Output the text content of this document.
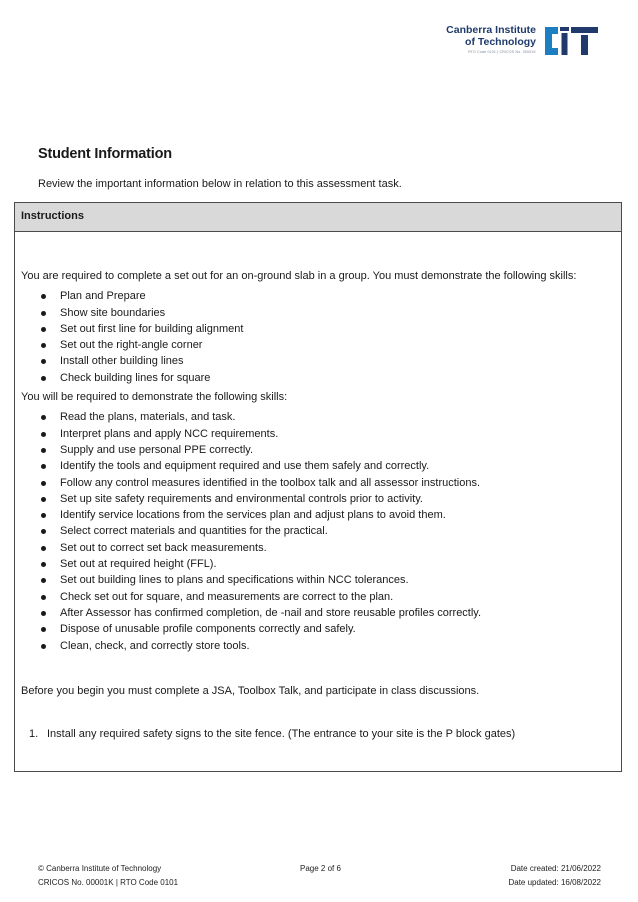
Canberra Institute
of Technology
RTO Code 0101 | CRICOS No. 00001K
Student Information
Review the important information below in relation to this assessment task.
Instructions

You are required to complete a set out for an on-ground slab in a group. You must demonstrate the following skills:

Plan and Prepare
Show site boundaries
Set out first line for building alignment
Set out the right-angle corner
Install other building lines
Check building lines for square

You will be required to demonstrate the following skills:

Read the plans, materials, and task.
Interpret plans and apply NCC requirements.
Supply and use personal PPE correctly.
Identify the tools and equipment required and use them safely and correctly.
Follow any control measures identified in the toolbox talk and all assessor instructions.
Set up site safety requirements and environmental controls prior to activity.
Identify service locations from the services plan and adjust plans to avoid them.
Select correct materials and quantities for the practical.
Set out to correct set back measurements.
Set out at required height (FFL).
Set out building lines to plans and specifications within NCC tolerances.
Check set out for square, and measurements are correct to the plan.
After Assessor has confirmed completion, de -nail and store reusable profiles correctly.
Dispose of unusable profile components correctly and safely.
Clean, check, and correctly store tools.

Before you begin you must complete a JSA, Toolbox Talk, and participate in class discussions.

1. Install any required safety signs to the site fence. (The entrance to your site is the P block gates)
© Canberra Institute of Technology	Page 2 of 6	Date created: 21/06/2022
CRICOS No. 00001K | RTO Code 0101	Date updated: 16/08/2022
